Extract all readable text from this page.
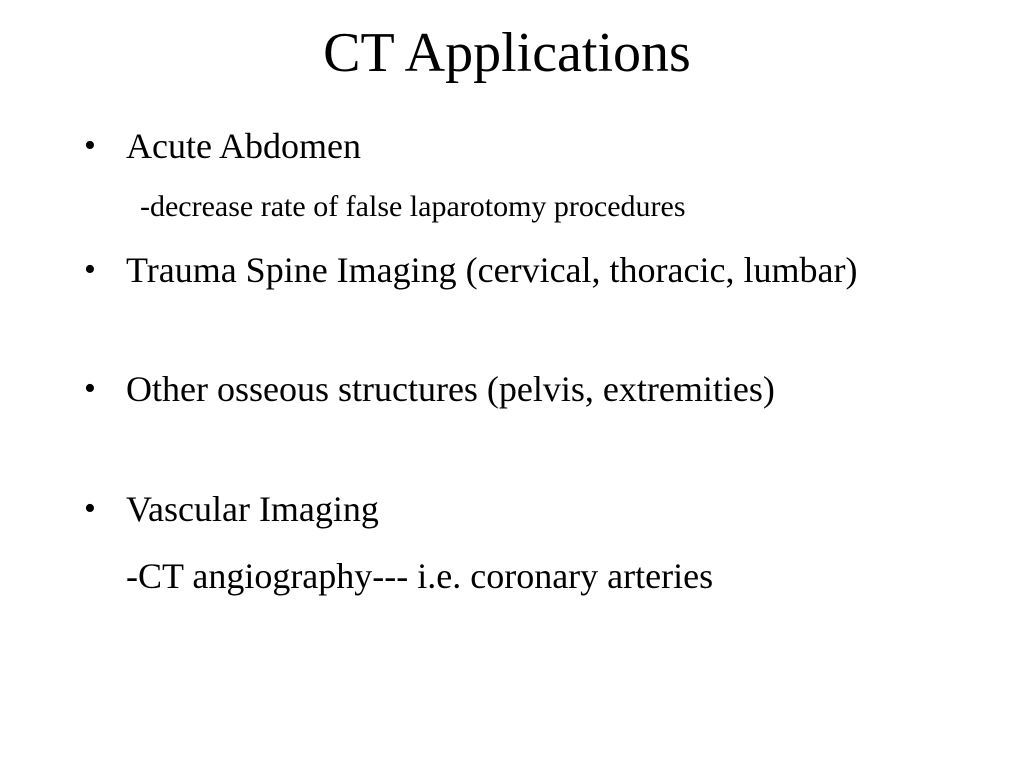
CT Applications
• Acute Abdomen
-decrease rate of false laparotomy procedures
• Trauma Spine Imaging (cervical, thoracic, lumbar)
• Other osseous structures (pelvis, extremities)
• Vascular Imaging
-CT angiography--- i.e. coronary arteries
